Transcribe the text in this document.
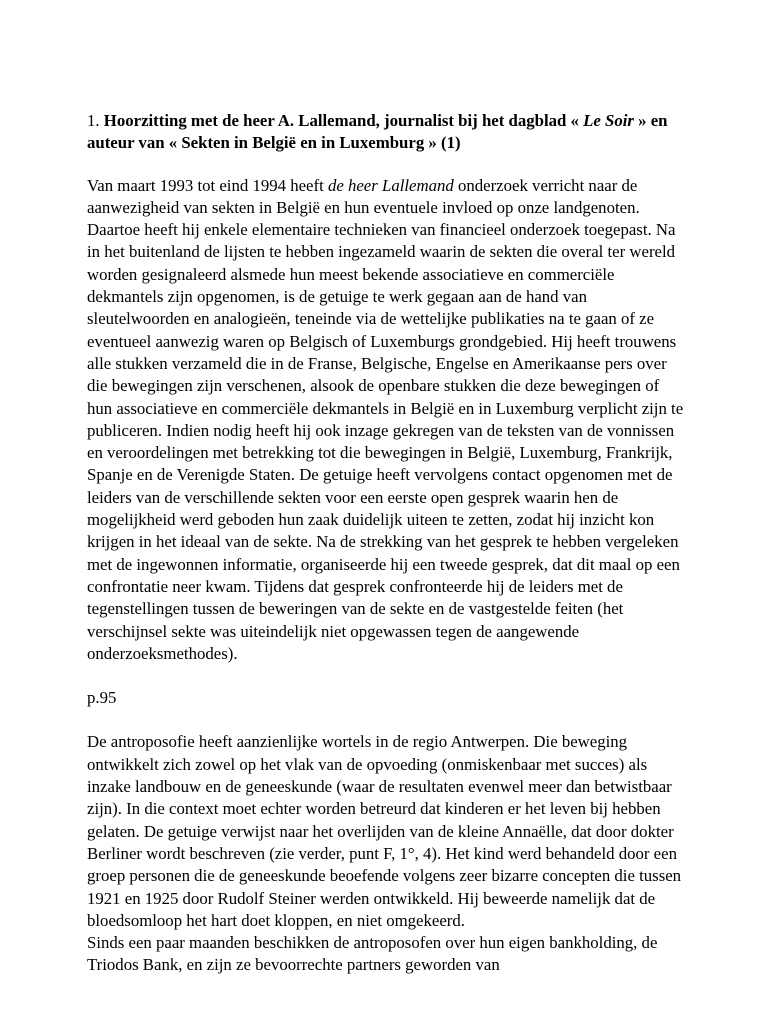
1. Hoorzitting met de heer A. Lallemand, journalist bij het dagblad « Le Soir » en auteur van « Sekten in België en in Luxemburg » (1)

Van maart 1993 tot eind 1994 heeft de heer Lallemand onderzoek verricht naar de aanwezigheid van sekten in België en hun eventuele invloed op onze landgenoten. Daartoe heeft hij enkele elementaire technieken van financieel onderzoek toegepast. Na in het buitenland de lijsten te hebben ingezameld waarin de sekten die overal ter wereld worden gesignaleerd alsmede hun meest bekende associatieve en commerciële dekmantels zijn opgenomen, is de getuige te werk gegaan aan de hand van sleutelwoorden en analogieën, teneinde via de wettelijke publikaties na te gaan of ze eventueel aanwezig waren op Belgisch of Luxemburgs grondgebied. Hij heeft trouwens alle stukken verzameld die in de Franse, Belgische, Engelse en Amerikaanse pers over die bewegingen zijn verschenen, alsook de openbare stukken die deze bewegingen of hun associatieve en commerciële dekmantels in België en in Luxemburg verplicht zijn te publiceren. Indien nodig heeft hij ook inzage gekregen van de teksten van de vonnissen en veroordelingen met betrekking tot die bewegingen in België, Luxemburg, Frankrijk, Spanje en de Verenigde Staten. De getuige heeft vervolgens contact opgenomen met de leiders van de verschillende sekten voor een eerste open gesprek waarin hen de mogelijkheid werd geboden hun zaak duidelijk uiteen te zetten, zodat hij inzicht kon krijgen in het ideaal van de sekte. Na de strekking van het gesprek te hebben vergeleken met de ingewonnen informatie, organiseerde hij een tweede gesprek, dat dit maal op een confrontatie neer kwam. Tijdens dat gesprek confronteerde hij de leiders met de tegenstellingen tussen de beweringen van de sekte en de vastgestelde feiten (het verschijnsel sekte was uiteindelijk niet opgewassen tegen de aangewende onderzoeksmethodes).

p.95

De antroposofie heeft aanzienlijke wortels in de regio Antwerpen. Die beweging ontwikkelt zich zowel op het vlak van de opvoeding (onmiskenbaar met succes) als inzake landbouw en de geneeskunde (waar de resultaten evenwel meer dan betwistbaar zijn). In die context moet echter worden betreurd dat kinderen er het leven bij hebben gelaten. De getuige verwijst naar het overlijden van de kleine Annaëlle, dat door dokter Berliner wordt beschreven (zie verder, punt F, 1°, 4). Het kind werd behandeld door een groep personen die de geneeskunde beoefende volgens zeer bizarre concepten die tussen 1921 en 1925 door Rudolf Steiner werden ontwikkeld. Hij beweerde namelijk dat de bloedsomloop het hart doet kloppen, en niet omgekeerd.

Sinds een paar maanden beschikken de antroposofen over hun eigen bankholding, de Triodos Bank, en zijn ze bevoorrechte partners geworden van
